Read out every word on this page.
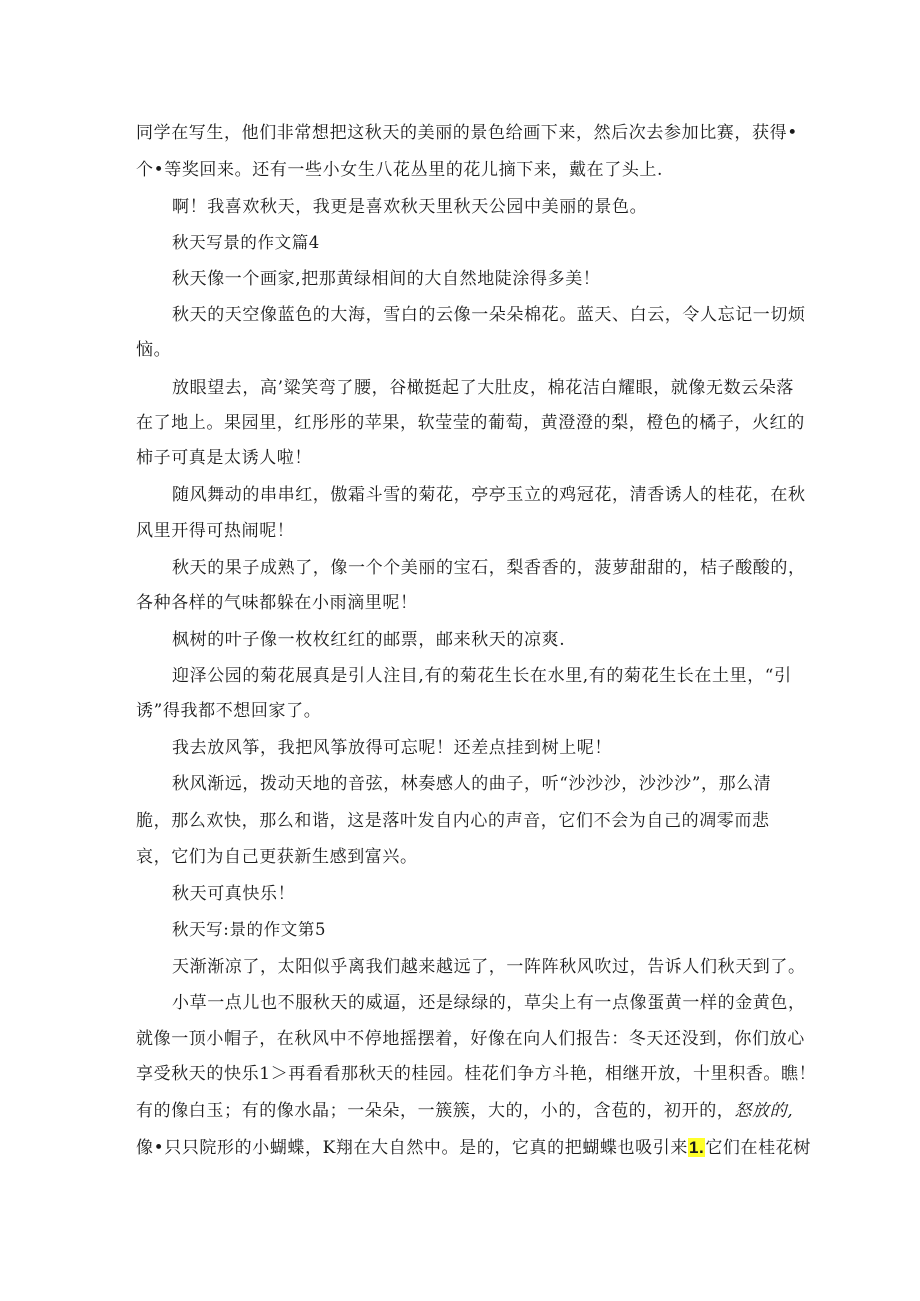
同学在写生，他们非常想把这秋天的美丽的景色给画下来，然后次去参加比赛，获得•
个•等奖回来。还有一些小女生八花丛里的花儿摘下来，戴在了头上.
啊！我喜欢秋天，我更是喜欢秋天里秋天公园中美丽的景色。
秋天写景的作文篇4
秋天像一个画家,把那黄绿相间的大自然地陡涂得多美！
秋天的天空像蓝色的大海，雪白的云像一朵朵棉花。蓝天、白云，令人忘记一切烦
恼。
放眼望去，高’粱笑弯了腰，谷橄挺起了大肚皮，棉花洁白耀眼，就像无数云朵落
在了地上。果园里，红彤彤的苹果，软莹莹的葡萄，黄澄澄的梨，橙色的橘子，火红的
柿子可真是太诱人啦！
随风舞动的串串红，傲霜斗雪的菊花，亭亭玉立的鸡冠花，清香诱人的桂花，在秋
风里开得可热闹呢！
秋天的果子成熟了，像一个个美丽的宝石，梨香香的，菠萝甜甜的，桔子酸酸的，
各种各样的气味都躲在小雨滴里呢！
枫树的叶子像一枚枚红红的邮票，邮来秋天的凉爽.
迎泽公园的菊花展真是引人注目,有的菊花生长在水里,有的菊花生长在土里，“引
诱”得我都不想回家了。
我去放风筝，我把风筝放得可忘呢！还差点挂到树上呢！
秋风渐远，拨动天地的音弦，林奏感人的曲子，听“沙沙沙，沙沙沙”，那么清
脆，那么欢快，那么和谐，这是落叶发自内心的声音，它们不会为自己的凋零而悲
哀，它们为自己更获新生感到富兴。
秋天可真快乐！
秋天写:景的作文第5
天渐渐凉了，太阳似乎离我们越来越远了，一阵阵秋风吹过，告诉人们秋天到了。
小草一点儿也不服秋天的威逼，还是绿绿的，草尖上有一点像蛋黄一样的金黄色，
就像一顶小帽子，在秋风中不停地摇摆着，好像在向人们报告：冬天还没到，你们放心
享受秋天的快乐1＞再看看那秋天的桂园。桂花们争方斗艳，相继开放，十里积香。瞧！
有的像白玉；有的像水晶；一朵朵，一簇簇，大的，小的，含苞的，初开的，怒放的,
像•只只院形的小蝴蝶，K翔在大自然中。是的，它真的把蝴蝶也吸引来1.它们在桂花树
